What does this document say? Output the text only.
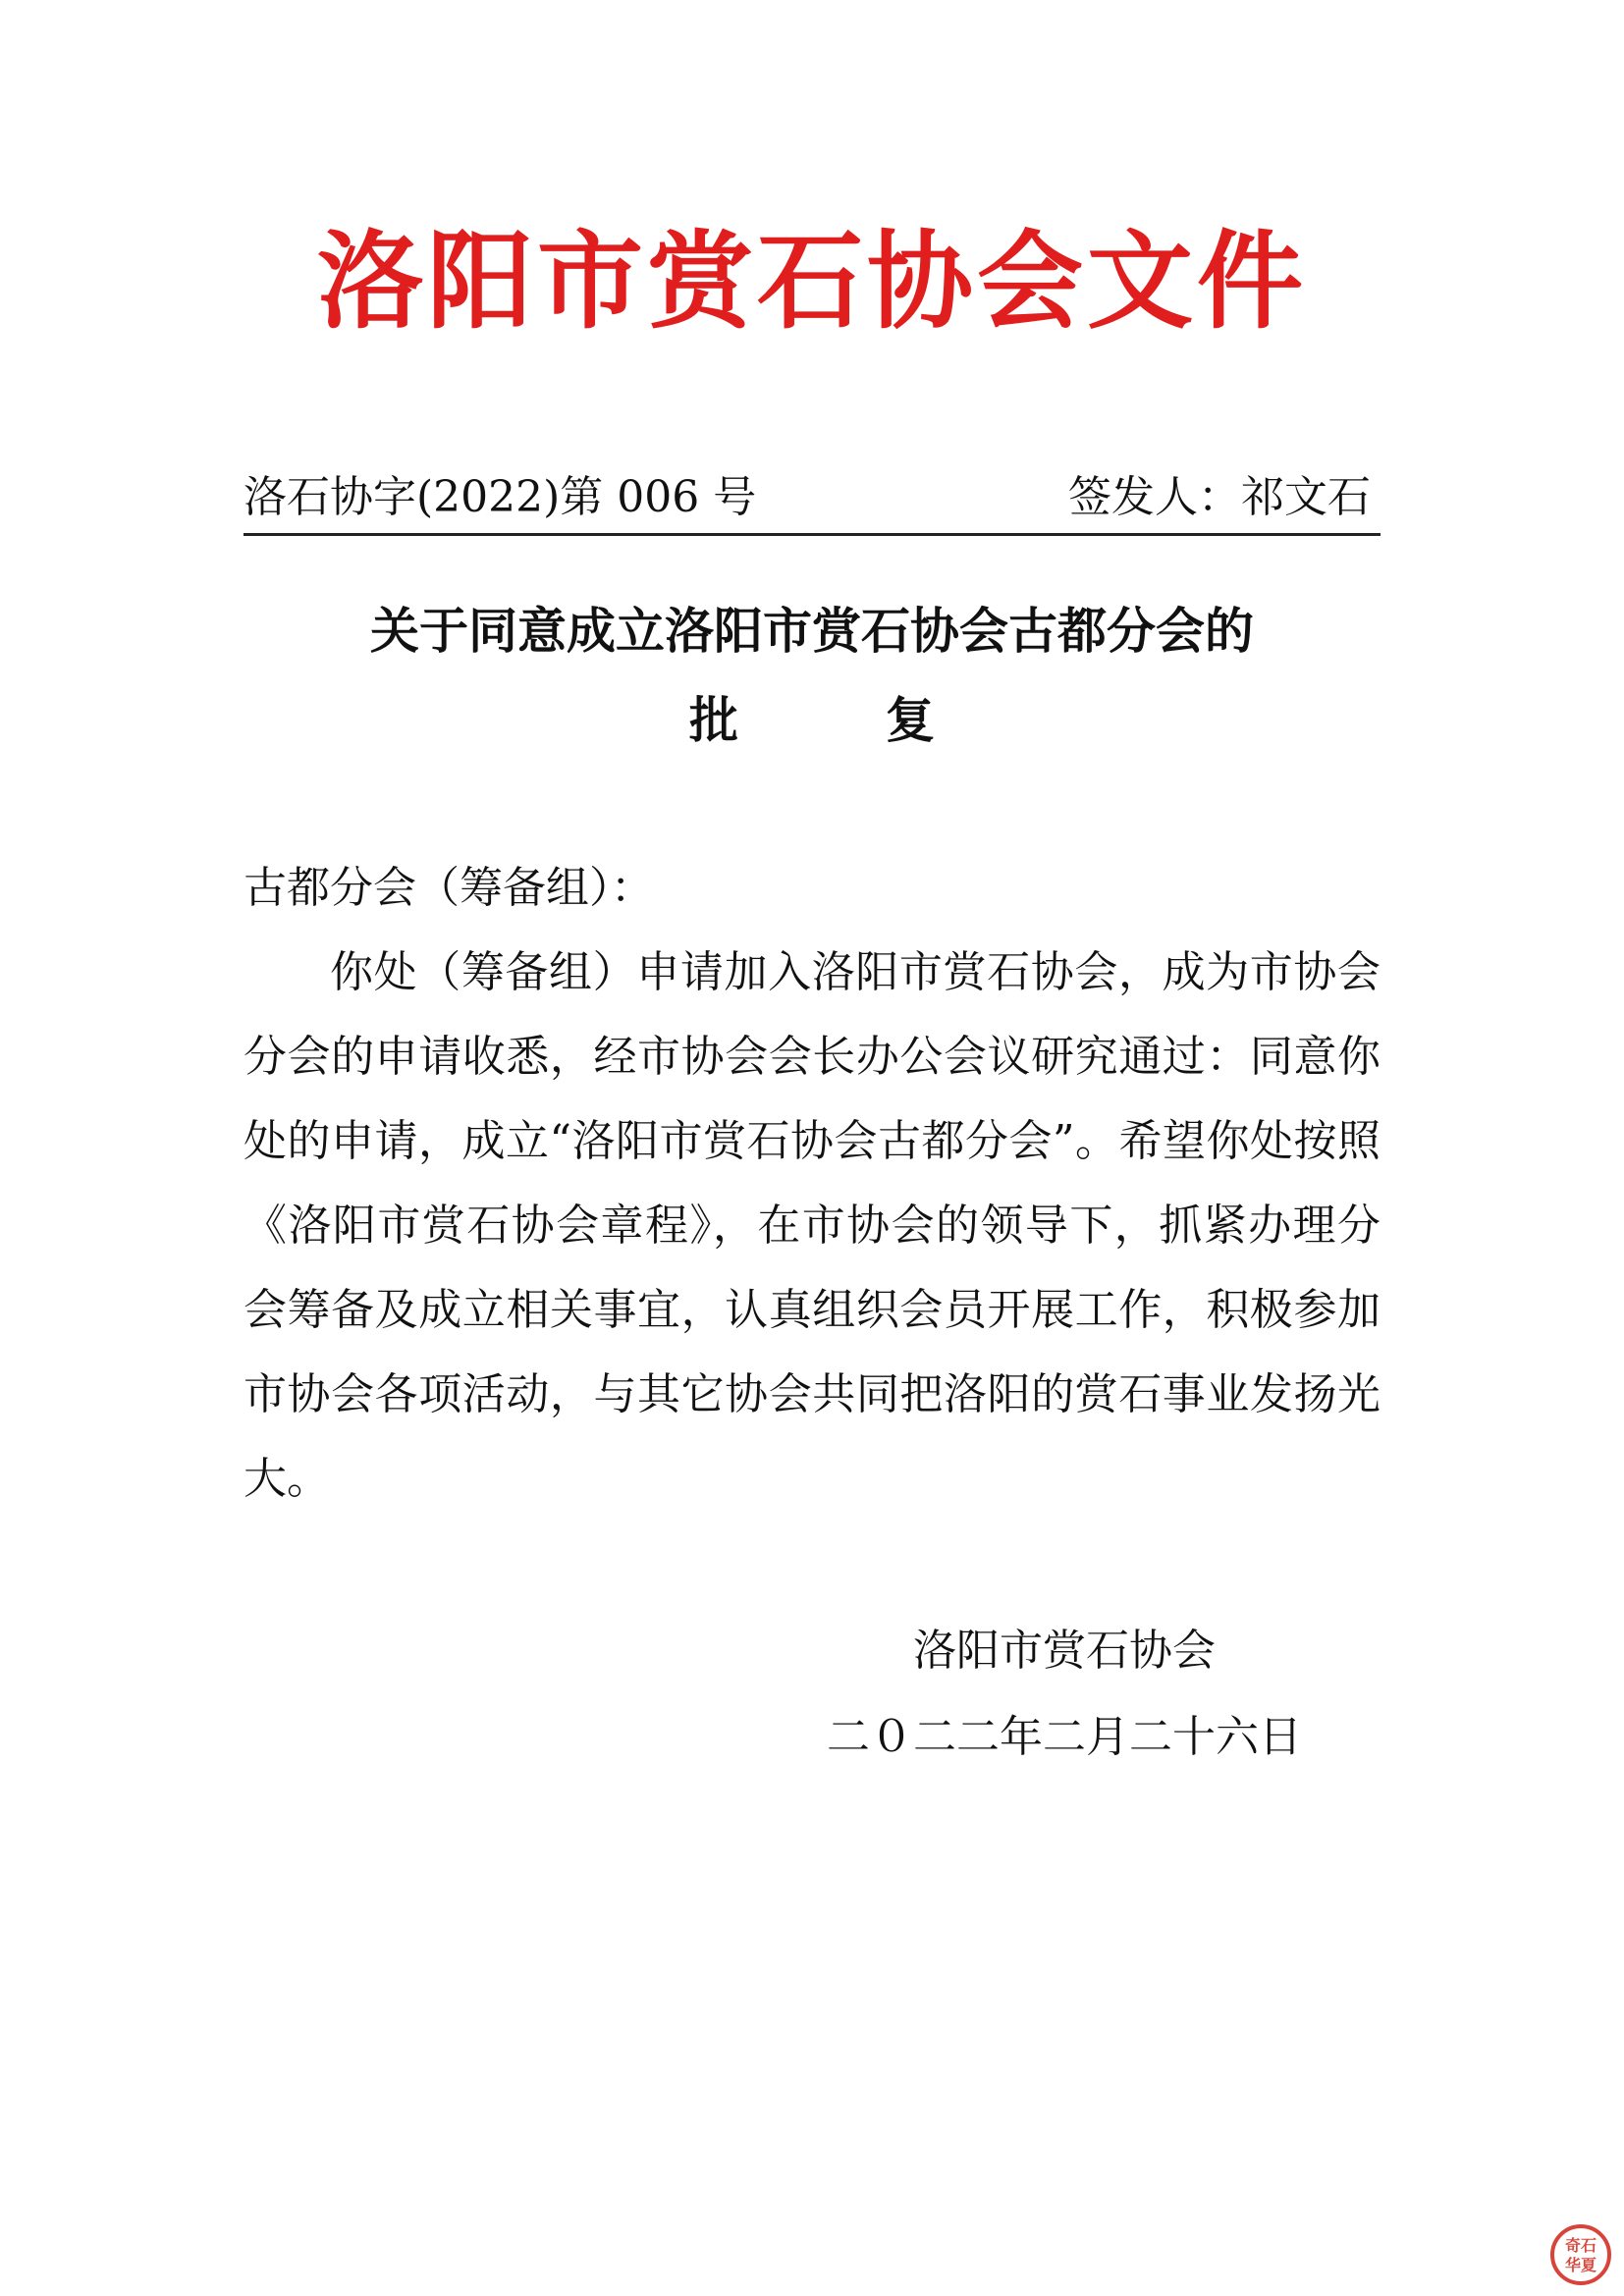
洛阳市赏石协会文件
洛石协字(2022)第 006 号	签发人：祁文石
关于同意成立洛阳市赏石协会古都分会的
批	复
古都分会（筹备组）：
你处（筹备组）申请加入洛阳市赏石协会，成为市协会分会的申请收悉，经市协会会长办公会议研究通过：同意你处的申请，成立“洛阳市赏石协会古都分会”。希望你处按照《洛阳市赏石协会章程》，在市协会的领导下，抓紧办理分会筹备及成立相关事宜，认真组织会员开展工作，积极参加市协会各项活动，与其它协会共同把洛阳的赏石事业发扬光大。
洛阳市赏石协会
二０二二年二月二十六日
奇石
华夏
